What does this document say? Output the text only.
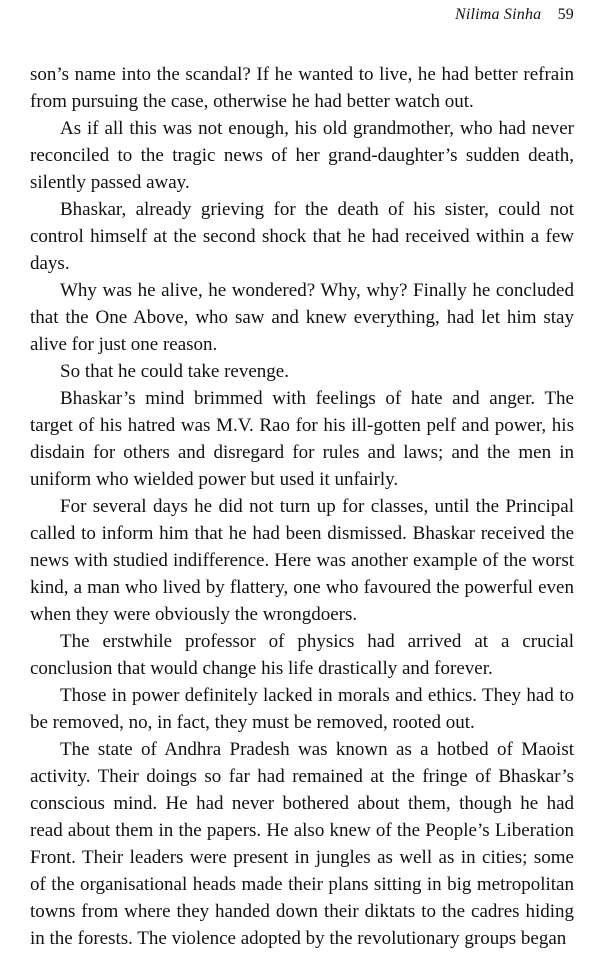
Nilima Sinha 59

son’s name into the scandal? If he wanted to live, he had better refrain from pursuing the case, otherwise he had better watch out.

As if all this was not enough, his old grandmother, who had never reconciled to the tragic news of her grand-daughter’s sudden death, silently passed away.

Bhaskar, already grieving for the death of his sister, could not control himself at the second shock that he had received within a few days.

Why was he alive, he wondered? Why, why? Finally he concluded that the One Above, who saw and knew everything, had let him stay alive for just one reason.

So that he could take revenge.

Bhaskar’s mind brimmed with feelings of hate and anger. The target of his hatred was M.V. Rao for his ill-gotten pelf and power, his disdain for others and disregard for rules and laws; and the men in uniform who wielded power but used it unfairly.

For several days he did not turn up for classes, until the Principal called to inform him that he had been dismissed. Bhaskar received the news with studied indifference. Here was another example of the worst kind, a man who lived by flattery, one who favoured the powerful even when they were obviously the wrongdoers.

The erstwhile professor of physics had arrived at a crucial conclusion that would change his life drastically and forever.

Those in power definitely lacked in morals and ethics. They had to be removed, no, in fact, they must be removed, rooted out.

The state of Andhra Pradesh was known as a hotbed of Maoist activity. Their doings so far had remained at the fringe of Bhaskar’s conscious mind. He had never bothered about them, though he had read about them in the papers. He also knew of the People’s Liberation Front. Their leaders were present in jungles as well as in cities; some of the organisational heads made their plans sitting in big metropolitan towns from where they handed down their diktats to the cadres hiding in the forests. The violence adopted by the revolutionary groups began
